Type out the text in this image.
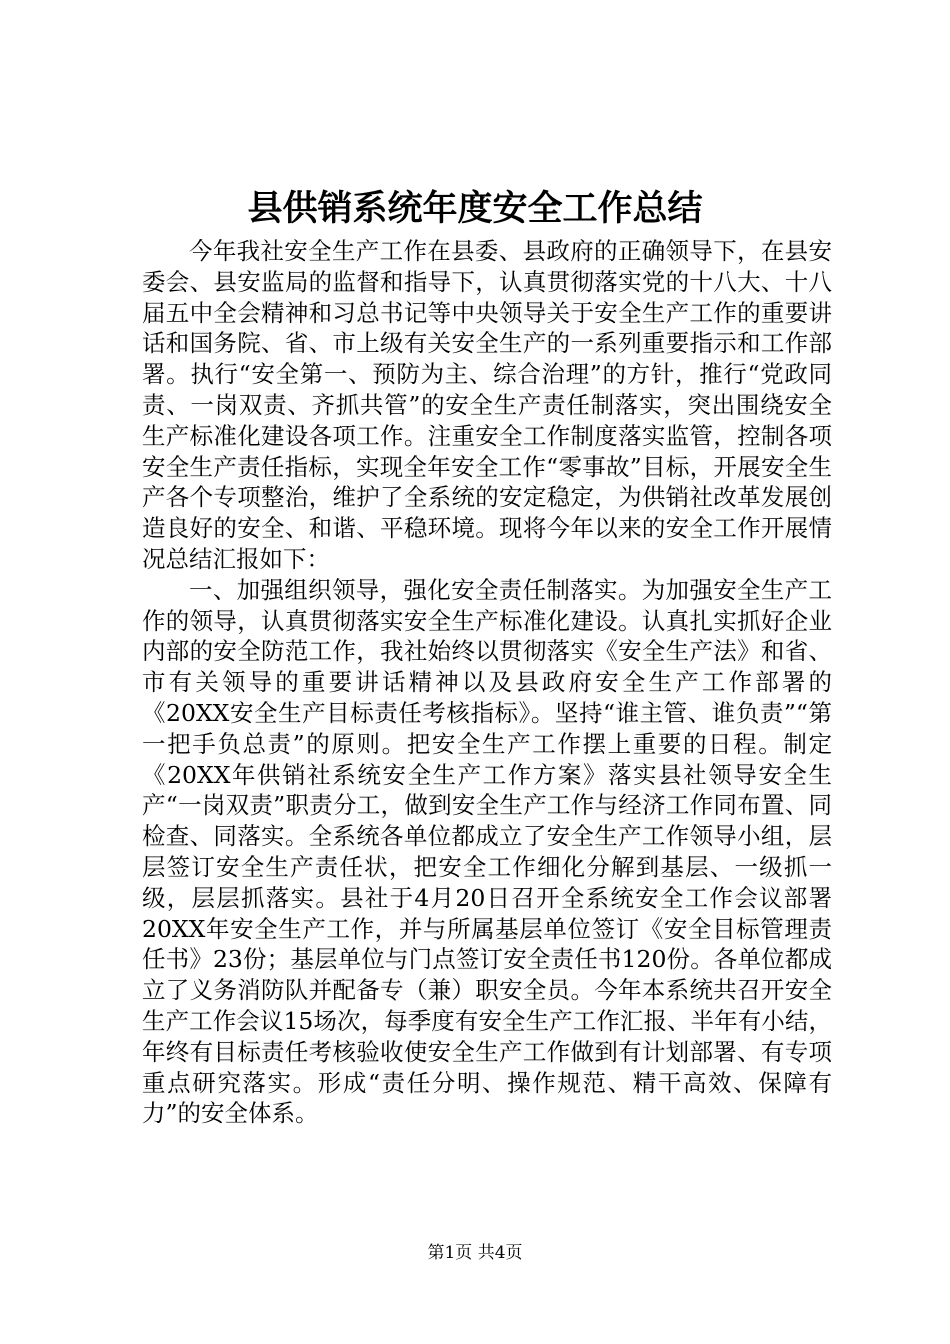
县供销系统年度安全工作总结

今年我社安全生产工作在县委、县政府的正确领导下，在县安委会、县安监局的监督和指导下，认真贯彻落实党的十八大、十八届五中全会精神和习总书记等中央领导关于安全生产工作的重要讲话和国务院、省、市上级有关安全生产的一系列重要指示和工作部署。执行“安全第一、预防为主、综合治理”的方针，推行“党政同责、一岗双责、齐抓共管”的安全生产责任制落实，突出围绕安全生产标准化建设各项工作。注重安全工作制度落实监管，控制各项安全生产责任指标，实现全年安全工作“零事故”目标，开展安全生产各个专项整治，维护了全系统的安定稳定，为供销社改革发展创造良好的安全、和谐、平稳环境。现将今年以来的安全工作开展情况总结汇报如下：

一、加强组织领导，强化安全责任制落实。为加强安全生产工作的领导，认真贯彻落实安全生产标准化建设。认真扎实抓好企业内部的安全防范工作，我社始终以贯彻落实《安全生产法》和省、市有关领导的重要讲话精神以及县政府安全生产工作部署的《20XX安全生产目标责任考核指标》。坚持“谁主管、谁负责”“第一把手负总责”的原则。把安全生产工作摆上重要的日程。制定《20XX年供销社系统安全生产工作方案》落实县社领导安全生产“一岗双责”职责分工，做到安全生产工作与经济工作同布置、同检查、同落实。全系统各单位都成立了安全生产工作领导小组，层层签订安全生产责任状，把安全工作细化分解到基层、一级抓一级，层层抓落实。县社于4月20日召开全系统安全工作会议部署20XX年安全生产工作，并与所属基层单位签订《安全目标管理责任书》23份；基层单位与门点签订安全责任书120份。各单位都成立了义务消防队并配备专（兼）职安全员。今年本系统共召开安全生产工作会议15场次，每季度有安全生产工作汇报、半年有小结，年终有目标责任考核验收使安全生产工作做到有计划部署、有专项重点研究落实。形成“责任分明、操作规范、精干高效、保障有力”的安全体系。

第1页 共4页
